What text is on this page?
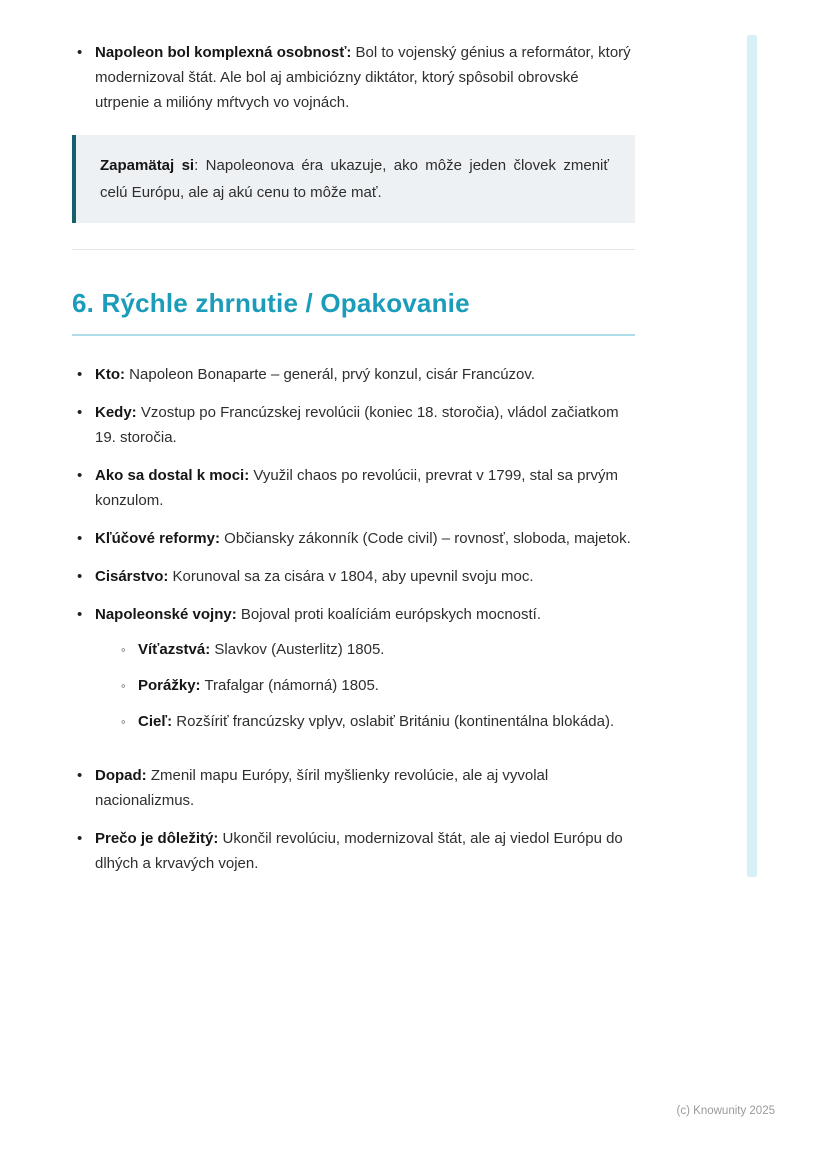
• Napoleon bol komplexná osobnosť: Bol to vojenský génius a reformátor, ktorý modernizoval štát. Ale bol aj ambiciózny diktátor, ktorý spôsobil obrovské utrpenie a milióny mŕtvych vo vojnách.

Zapamätaj si: Napoleonova éra ukazuje, ako môže jeden človek zmeniť celú Európu, ale aj akú cenu to môže mať.

6. Rýchle zhrnutie / Opakovanie
• Kto: Napoleon Bonaparte – generál, prvý konzul, cisár Francúzov.
• Kedy: Vzostup po Francúzskej revolúcii (koniec 18. storočia), vládol začiatkom 19. storočia.
• Ako sa dostal k moci: Využil chaos po revolúcii, prevrat v 1799, stal sa prvým konzulom.
• Kľúčové reformy: Občiansky zákonník (Code civil) – rovnosť, sloboda, majetok.
• Cisárstvo: Korunoval sa za cisára v 1804, aby upevnil svoju moc.
• Napoleonské vojny: Bojoval proti koalíciám európskych mocností.
◦ Víťazstvá: Slavkov (Austerlitz) 1805.
◦ Porážky: Trafalgar (námorná) 1805.
◦ Cieľ: Rozšíriť francúzsky vplyv, oslabiť Britániu (kontinentálna blokáda).
• Dopad: Zmenil mapu Európy, šíril myšlienky revolúcie, ale aj vyvolal nacionalizmus.
• Prečo je dôležitý: Ukončil revolúciu, modernizoval štát, ale aj viedol Európu do dlhých a krvavých vojen.
(c) Knowunity 2025
